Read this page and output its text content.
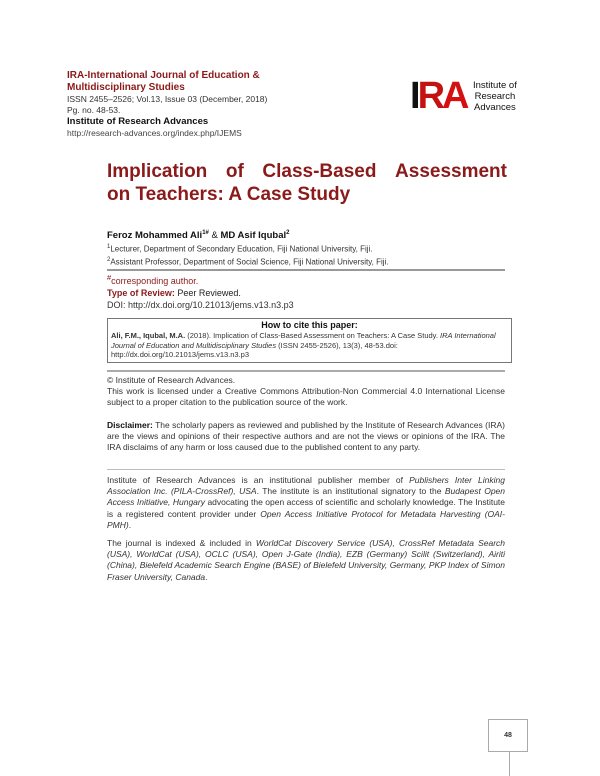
IRA-International Journal of Education &
Multidisciplinary Studies
ISSN 2455–2526; Vol.13, Issue 03 (December, 2018)
Pg. no. 48-53.
Institute of Research Advances
http://research-advances.org/index.php/IJEMS
IRA Institute of
Research
Advances
Implication of Class-Based Assessment
on Teachers: A Case Study
Feroz Mohammed Ali$^{1\#}$ & MD Asif Iqubal$^2$
$^1$Lecturer, Department of Secondary Education, Fiji National University, Fiji.
$^2$Assistant Professor, Department of Social Science, Fiji National University, Fiji.
#corresponding author.
Type of Review: Peer Reviewed.
DOI: http://dx.doi.org/10.21013/jems.v13.n3.p3
How to cite this paper:
Ali, F.M., Iqubal, M.A. (2018). Implication of Class-Based Assessment on Teachers: A Case Study. IRA International Journal of Education and Multidisciplinary Studies (ISSN 2455-2526), 13(3), 48-53.doi: http://dx.doi.org/10.21013/jems.v13.n3.p3
© Institute of Research Advances.
This work is licensed under a Creative Commons Attribution-Non Commercial 4.0 International License subject to a proper citation to the publication source of the work.
Disclaimer: The scholarly papers as reviewed and published by the Institute of Research Advances (IRA) are the views and opinions of their respective authors and are not the views or opinions of the IRA. The IRA disclaims of any harm or loss caused due to the published content to any party.
Institute of Research Advances is an institutional publisher member of Publishers Inter Linking Association Inc. (PILA-CrossRef), USA. The institute is an institutional signatory to the Budapest Open Access Initiative, Hungary advocating the open access of scientific and scholarly knowledge. The Institute is a registered content provider under Open Access Initiative Protocol for Metadata Harvesting (OAI-PMH).
The journal is indexed & included in WorldCat Discovery Service (USA), CrossRef Metadata Search (USA), WorldCat (USA), OCLC (USA), Open J-Gate (India), EZB (Germany) Scilit (Switzerland), Airiti (China), Bielefeld Academic Search Engine (BASE) of Bielefeld University, Germany, PKP Index of Simon Fraser University, Canada.
48
